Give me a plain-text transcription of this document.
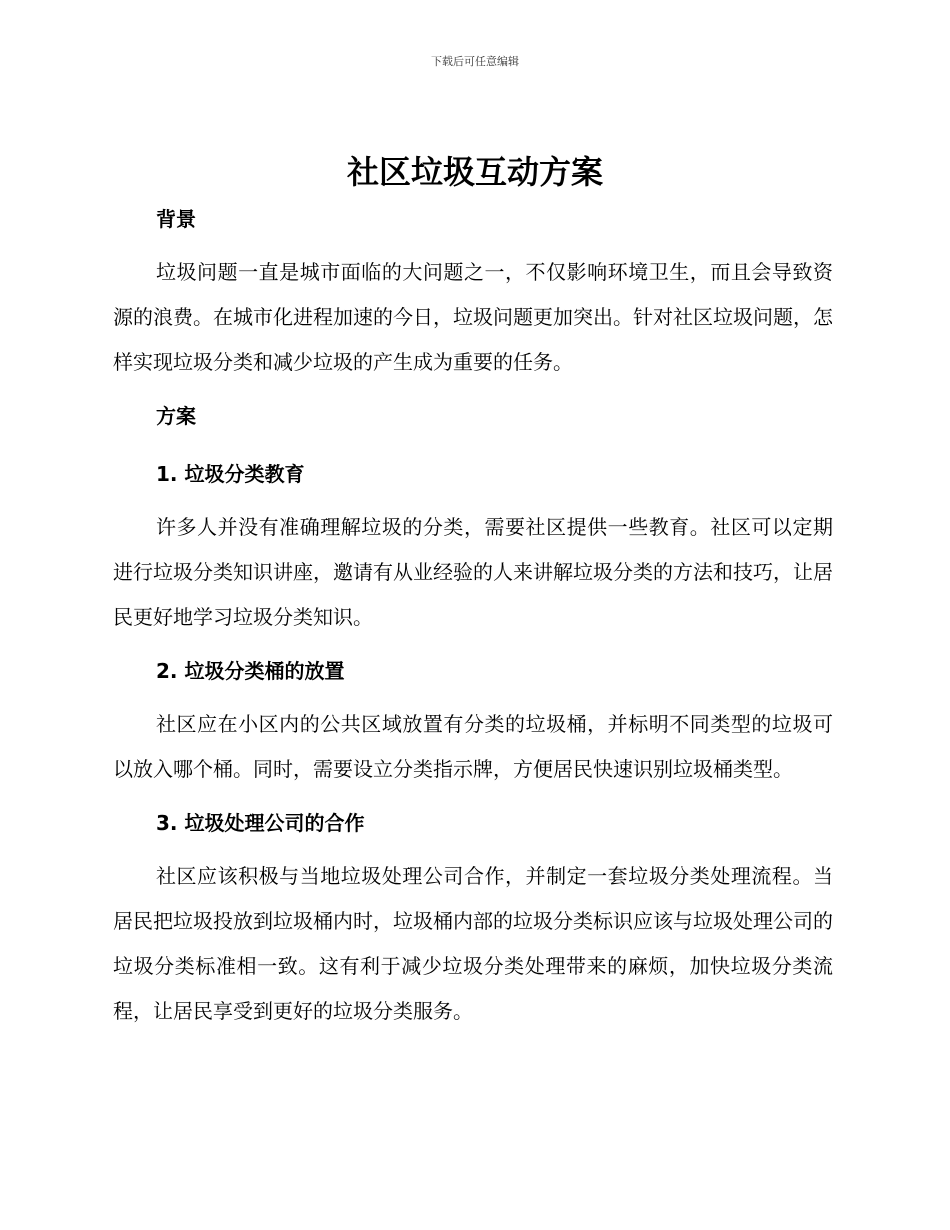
下载后可任意编辑
社区垃圾互动方案
背景

垃圾问题一直是城市面临的大问题之一，不仅影响环境卫生，而且会导致资源的浪费。在城市化进程加速的今日，垃圾问题更加突出。针对社区垃圾问题，怎样实现垃圾分类和减少垃圾的产生成为重要的任务。

方案
1. 垃圾分类教育

许多人并没有准确理解垃圾的分类，需要社区提供一些教育。社区可以定期进行垃圾分类知识讲座，邀请有从业经验的人来讲解垃圾分类的方法和技巧，让居民更好地学习垃圾分类知识。

2. 垃圾分类桶的放置

社区应在小区内的公共区域放置有分类的垃圾桶，并标明不同类型的垃圾可以放入哪个桶。同时，需要设立分类指示牌，方便居民快速识别垃圾桶类型。

3. 垃圾处理公司的合作

社区应该积极与当地垃圾处理公司合作，并制定一套垃圾分类处理流程。当居民把垃圾投放到垃圾桶内时，垃圾桶内部的垃圾分类标识应该与垃圾处理公司的垃圾分类标准相一致。这有利于减少垃圾分类处理带来的麻烦，加快垃圾分类流程，让居民享受到更好的垃圾分类服务。
